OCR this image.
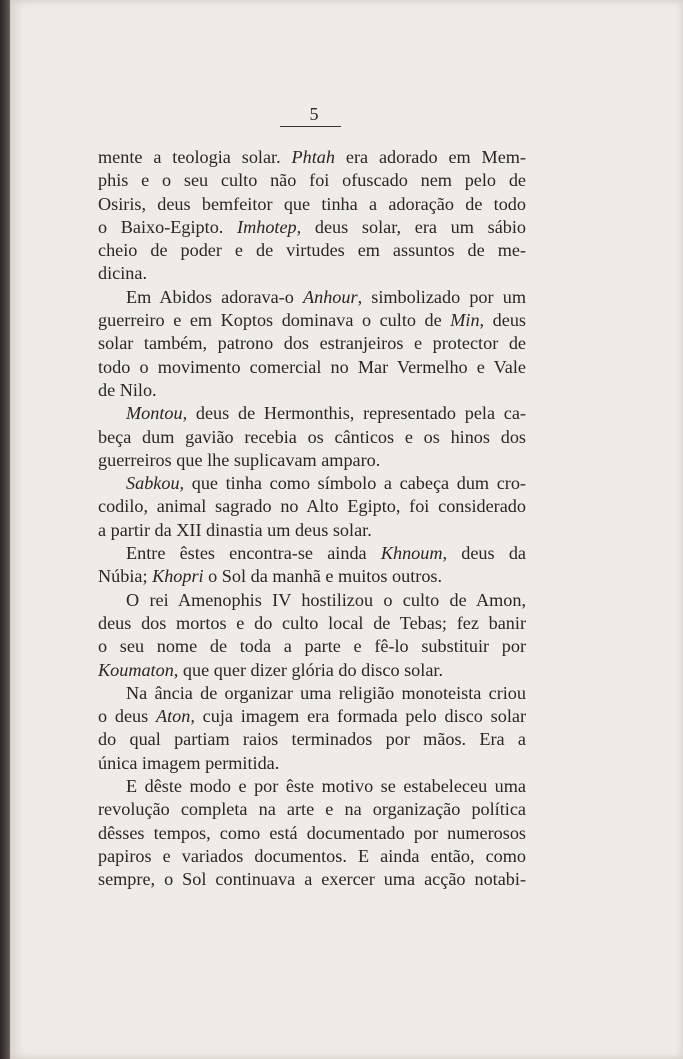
5
mente a teologia solar. Phtah era adorado em Mem-
phis e o seu culto não foi ofuscado nem pelo de
Osiris, deus bemfeitor que tinha a adoração de todo
o Baixo-Egipto. Imhotep, deus solar, era um sábio
cheio de poder e de virtudes em assuntos de me-
dicina.
Em Abidos adorava-o Anhour, simbolizado por um
guerreiro e em Koptos dominava o culto de Min, deus
solar também, patrono dos estranjeiros e protector de
todo o movimento comercial no Mar Vermelho e Vale
de Nilo.
Montou, deus de Hermonthis, representado pela ca-
beça dum gavião recebia os cânticos e os hinos dos
guerreiros que lhe suplicavam amparo.
Sabkou, que tinha como símbolo a cabeça dum cro-
codilo, animal sagrado no Alto Egipto, foi considerado
a partir da XII dinastia um deus solar.
Entre êstes encontra-se ainda Khnoum, deus da
Núbia; Khopri o Sol da manhã e muitos outros.
O rei Amenophis IV hostilizou o culto de Amon,
deus dos mortos e do culto local de Tebas; fez banir
o seu nome de toda a parte e fê-lo substituir por
Koumaton, que quer dizer glória do disco solar.
Na ância de organizar uma religião monoteista criou
o deus Aton, cuja imagem era formada pelo disco solar
do qual partiam raios terminados por mãos. Era a
única imagem permitida.
E dêste modo e por êste motivo se estabeleceu uma
revolução completa na arte e na organização política
dêsses tempos, como está documentado por numerosos
papiros e variados documentos. E ainda então, como
sempre, o Sol continuava a exercer uma acção notabi-
